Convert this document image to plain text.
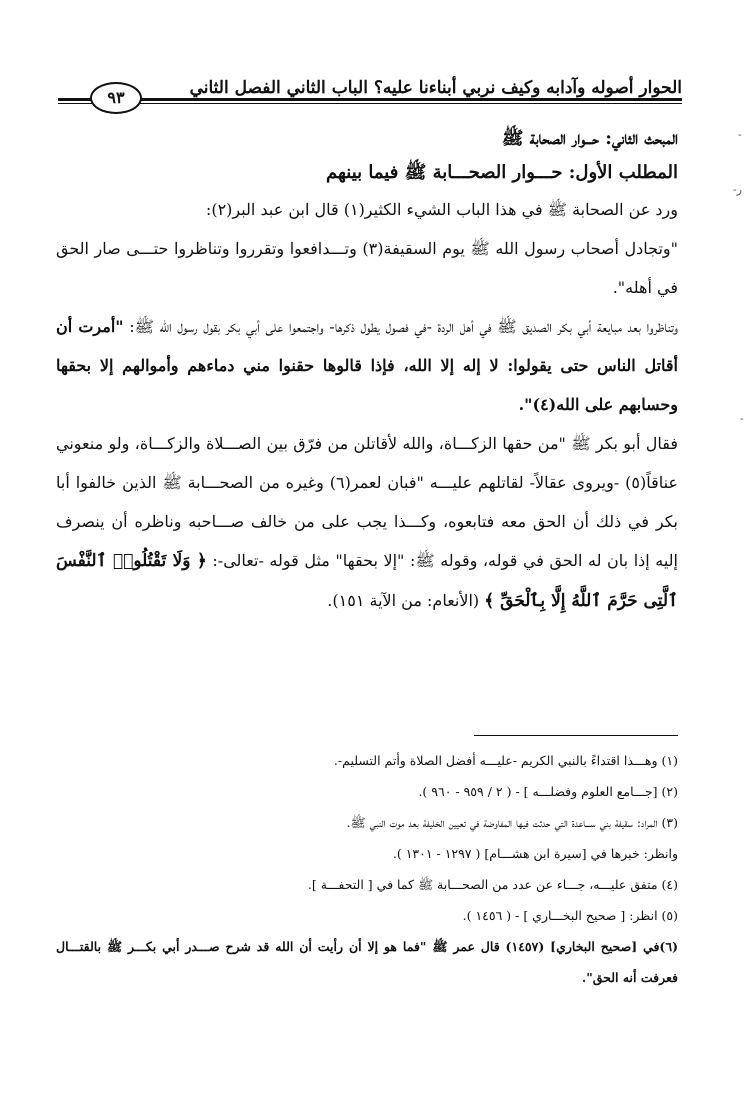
الحوار أصوله وآدابه وكيف نربي أبناءنا عليه؟ الباب الثاني الفصل الثاني
٩٣
-
-ر
-
المبحث الثاني: حـــوار الصحابة ﷺ
المطلب الأول: حـــوار الصحـــابة ﷺ فيما بينهم

ورد عن الصحابة ﷺ في هذا الباب الشيء الكثير(١) قال ابن عبد البر(٢):

"وتجادل أصحاب رسول الله ﷺ يوم السقيفة(٣) وتـــدافعوا وتقرروا وتناظروا حتـــى صار الحق في أهله".

وتناظروا بعد مبايعة أبي بكر الصديق ﷺ في أهل الردة -في فصول يطول ذكرها- واجتمعوا على أبي بكر بقول رسول الله ﷺ: "أمرت أن أقاتل الناس حتى يقولوا: لا إله إلا الله، فإذا قالوها حقنوا مني دماءهم وأموالهم إلا بحقها وحسابهم على الله(٤)".

فقال أبو بكر ﷺ "من حقها الزكـــاة، والله لأقاتلن من فرّق بين الصـــلاة والزكـــاة، ولو منعوني عناقاً(٥) -ويروى عقالاً- لقاتلهم عليـــه "فبان لعمر(٦) وغيره من الصحـــابة ﷺ الذين خالفوا أبا بكر في ذلك أن الحق معه فتابعوه، وكـــذا يجب على من خالف صـــاحبه وناظره أن ينصرف إليه إذا بان له الحق في قوله، وقوله ﷺ: "إلا بحقها" مثل قوله -تعالى-: ﴿ وَلَا تَقْتُلُوا۟ ٱلنَّفْسَ ٱلَّتِى حَرَّمَ ٱللَّهُ إِلَّا بِٱلْحَقِّ ﴾ (الأنعام: من الآية ١٥١).

(١) وهـــذا اقتداءً بالنبي الكريم -عليـــه أفضل الصلاة وأتم التسليم-.

(٢) [جـــامع العلوم وفضلـــه ] - ( ٢ / ٩٥٩ - ٩٦٠ ).

(٣) المراد: سقيفة بني ســـاعدة التي حدثت فيها المفاوضة في تعيين الخليفة بعد موت النبي ﷺ.

وانظر: خبرها في [سيرة ابن هشـــام] ( ١٢٩٧ - ١٣٠١ ).

(٤) متفق عليـــه، جـــاء عن عدد من الصحـــابة ﷺ كما في [ التحفـــة ].

(٥) انظر: [ صحيح البخـــاري ] - ( ١٤٥٦ ).

(٦)في [صحيح البخاري] (١٤٥٧) قال عمر ﷺ "فما هو إلا أن رأيت أن الله قد شرح صـــدر أبي بكـــر ﷺ بالقتـــال فعرفت أنه الحق".
